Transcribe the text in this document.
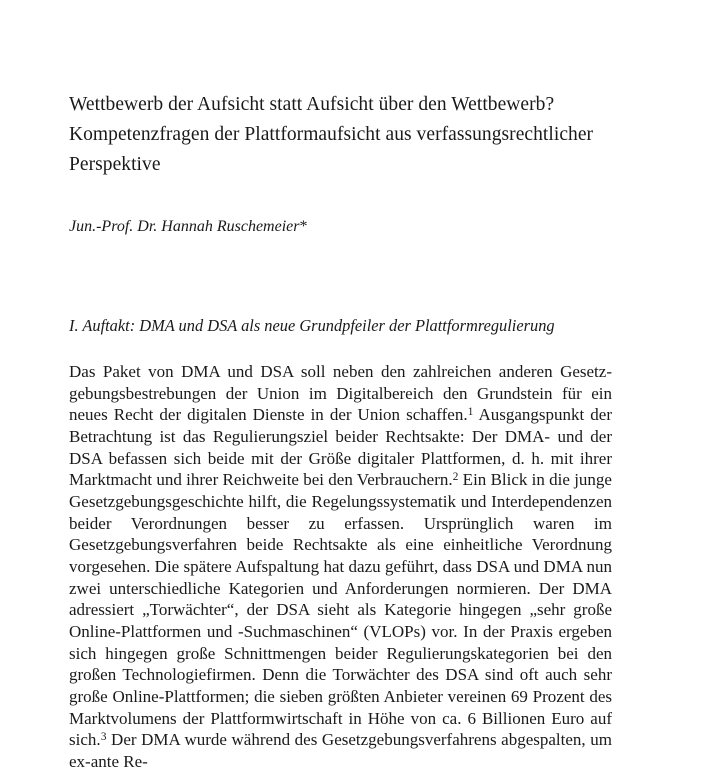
Wettbewerb der Aufsicht statt Aufsicht über den Wettbewerb? Kompetenzfragen der Plattformaufsicht aus verfassungsrechtlicher Perspektive

Jun.-Prof. Dr. Hannah Ruschemeier*

I. Auftakt: DMA und DSA als neue Grundpfeiler der Plattformregulierung

Das Paket von DMA und DSA soll neben den zahlreichen anderen Gesetzgebungsbestrebungen der Union im Digitalbereich den Grundstein für ein neues Recht der digitalen Dienste in der Union schaffen.$^1$ Ausgangspunkt der Betrachtung ist das Regulierungsziel beider Rechtsakte: Der DMA- und der DSA befassen sich beide mit der Größe digitaler Plattformen, d. h. mit ihrer Marktmacht und ihrer Reichweite bei den Verbrauchern.$^2$ Ein Blick in die junge Gesetzgebungsgeschichte hilft, die Regelungssystematik und Interdependenzen beider Verordnungen besser zu erfassen. Ursprünglich waren im Gesetzgebungsverfahren beide Rechtsakte als eine einheitliche Verordnung vorgesehen. Die spätere Aufspaltung hat dazu geführt, dass DSA und DMA nun zwei unterschiedliche Kategorien und Anforderungen normieren. Der DMA adressiert „Torwächter“, der DSA sieht als Kategorie hingegen „sehr große Online-Plattformen und -Suchmaschinen“ (VLOPs) vor. In der Praxis ergeben sich hingegen große Schnittmengen beider Regulierungskategorien bei den großen Technologiefirmen. Denn die Torwächter des DSA sind oft auch sehr große Online-Plattformen; die sieben größten Anbieter vereinen 69 Prozent des Marktvolumens der Plattformwirtschaft in Höhe von ca. 6 Billionen Euro auf sich.$^3$ Der DMA wurde während des Gesetzgebungsverfahrens abgespalten, um ex-ante Re-
